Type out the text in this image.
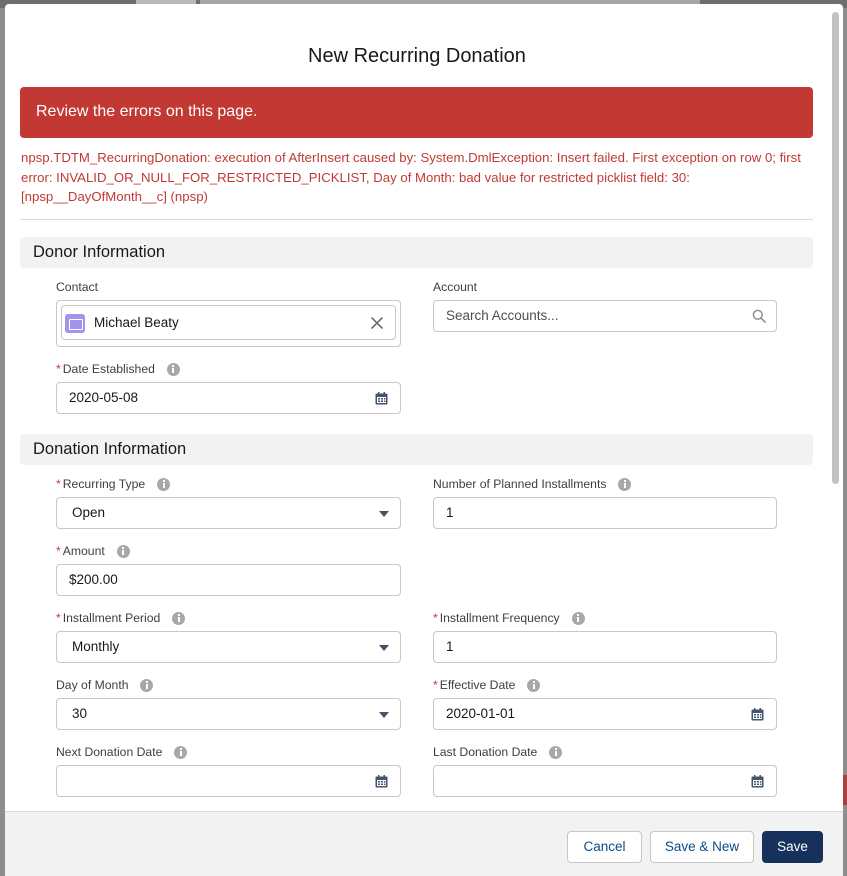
New Recurring Donation
Review the errors on this page.
npsp.TDTM_RecurringDonation: execution of AfterInsert caused by: System.DmlException: Insert failed. First exception on row 0; first error: INVALID_OR_NULL_FOR_RESTRICTED_PICKLIST, Day of Month: bad value for restricted picklist field: 30: [npsp__DayOfMonth__c] (npsp)
Donor Information
Contact
Michael Beaty
Account
Search Accounts...
* Date Established
2020-05-08
Donation Information
* Recurring Type
Open
Number of Planned Installments
1
* Amount
$200.00
* Installment Period
Monthly
* Installment Frequency
1
Day of Month
30
* Effective Date
2020-01-01
Next Donation Date	Last Donation Date
Cancel	Save & New	Save
